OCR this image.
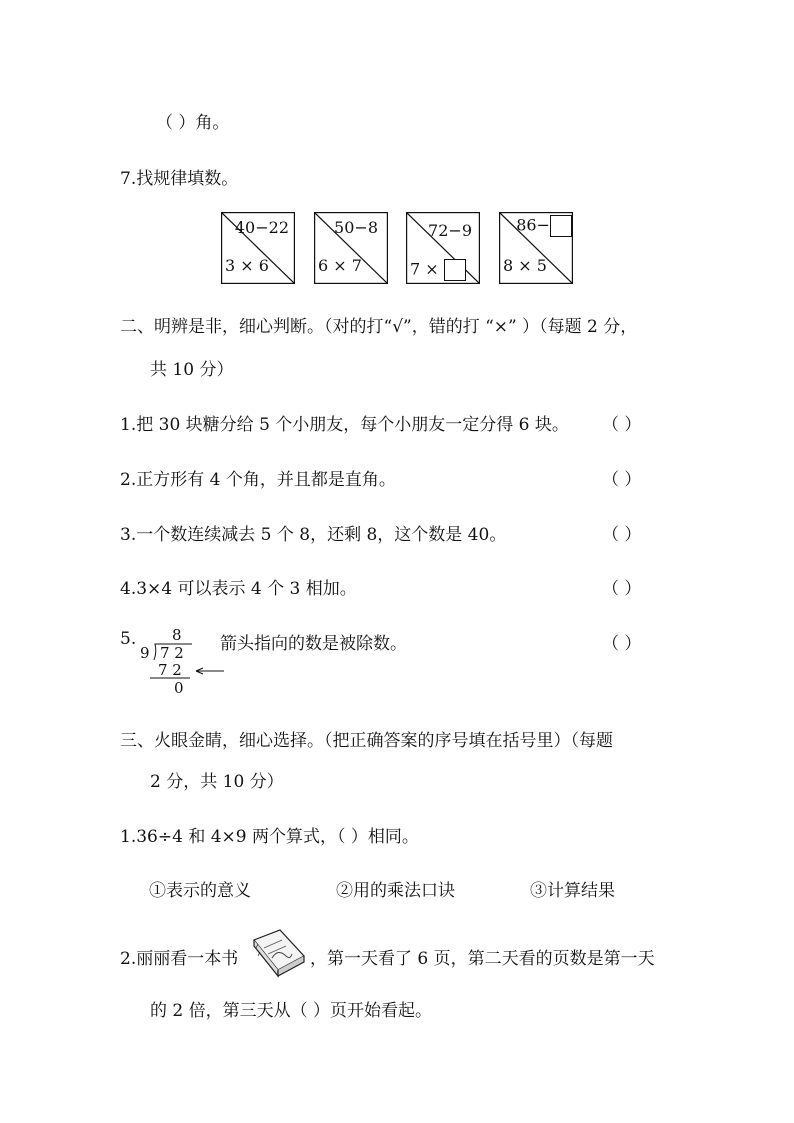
（ ）角。
7.找规律填数。
40−22
3 × 6
50−8
6 × 7
72−9
7 ×
86−
8 × 5
二、明辨是非，细心判断。（对的打“√”，错的打 “×” ）（每题 2 分，
共 10 分）
1.把 30 块糖分给 5 个小朋友，每个小朋友一定分得 6 块。 （ ）
2.正方形有 4 个角，并且都是直角。	（ ）
3.一个数连续减去 5 个 8，还剩 8，这个数是 40。	（ ）
4.3×4 可以表示 4 个 3 相加。	（ ）
5. 8
9 7 2
7 2
0
箭头指向的数是被除数。	（ ）
三、火眼金睛，细心选择。（把正确答案的序号填在括号里）（每题
2 分，共 10 分）
1.36÷4 和 4×9 两个算式，（ ）相同。
①表示的意义	②用的乘法口诀	③计算结果
2.丽丽看一本书	，第一天看了 6 页，第二天看的页数是第一天
的 2 倍，第三天从（ ）页开始看起。
